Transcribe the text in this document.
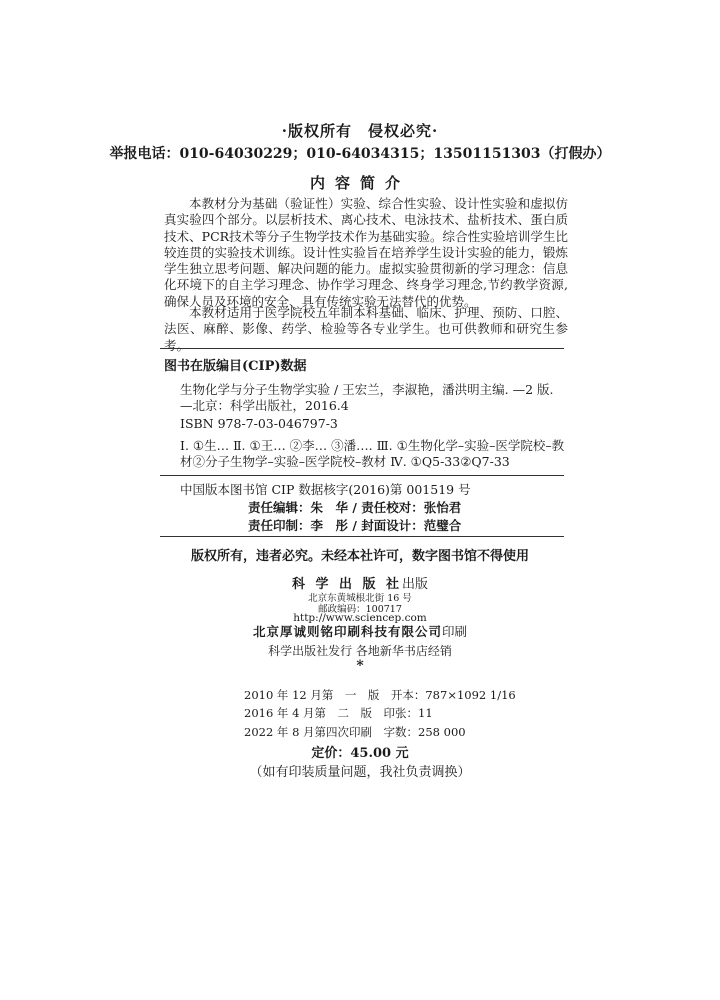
·版权所有　侵权必究·
举报电话：010-64030229；010-64034315；13501151303（打假办）
内容简介
本教材分为基础（验证性）实验、综合性实验、设计性实验和虚拟仿真实验四个部分。以层析技术、离心技术、电泳技术、盐析技术、蛋白质技术、PCR技术等分子生物学技术作为基础实验。综合性实验培训学生比较连贯的实验技术训练。设计性实验旨在培养学生设计实验的能力，锻炼学生独立思考问题、解决问题的能力。虚拟实验贯彻新的学习理念：信息化环境下的自主学习理念、协作学习理念、终身学习理念,节约教学资源,确保人员及环境的安全、具有传统实验无法替代的优势。
本教材适用于医学院校五年制本科基础、临床、护理、预防、口腔、法医、麻醉、影像、药学、检验等各专业学生。也可供教师和研究生参考。
图书在版编目(CIP)数据
生物化学与分子生物学实验 / 王宏兰，李淑艳，潘洪明主编. —2 版. —北京：科学出版社，2016.4
ISBN 978-7-03-046797-3
Ⅰ. ①生… Ⅱ. ①王… ②李… ③潘…. Ⅲ. ①生物化学–实验–医学院校–教材②分子生物学–实验–医学院校–教材 Ⅳ. ①Q5-33②Q7-33
中国版本图书馆 CIP 数据核字(2016)第 001519 号
责任编辑：朱　华 / 责任校对：张怡君
责任印制：李　彤 / 封面设计：范璧合
版权所有，违者必究。未经本社许可，数字图书馆不得使用
科 学 出 版 社出版
北京东黄城根北街 16 号
邮政编码：100717
http://www.sciencep.com
北京厚诚则铭印刷科技有限公司印刷
科学出版社发行 各地新华书店经销
*
2010 年 12 月第　一　版　开本：787×1092 1/16
2016 年 4 月第　二　版　印张：11
2022 年 8 月第四次印刷　字数：258 000
定价：45.00 元
（如有印装质量问题，我社负责调换）
